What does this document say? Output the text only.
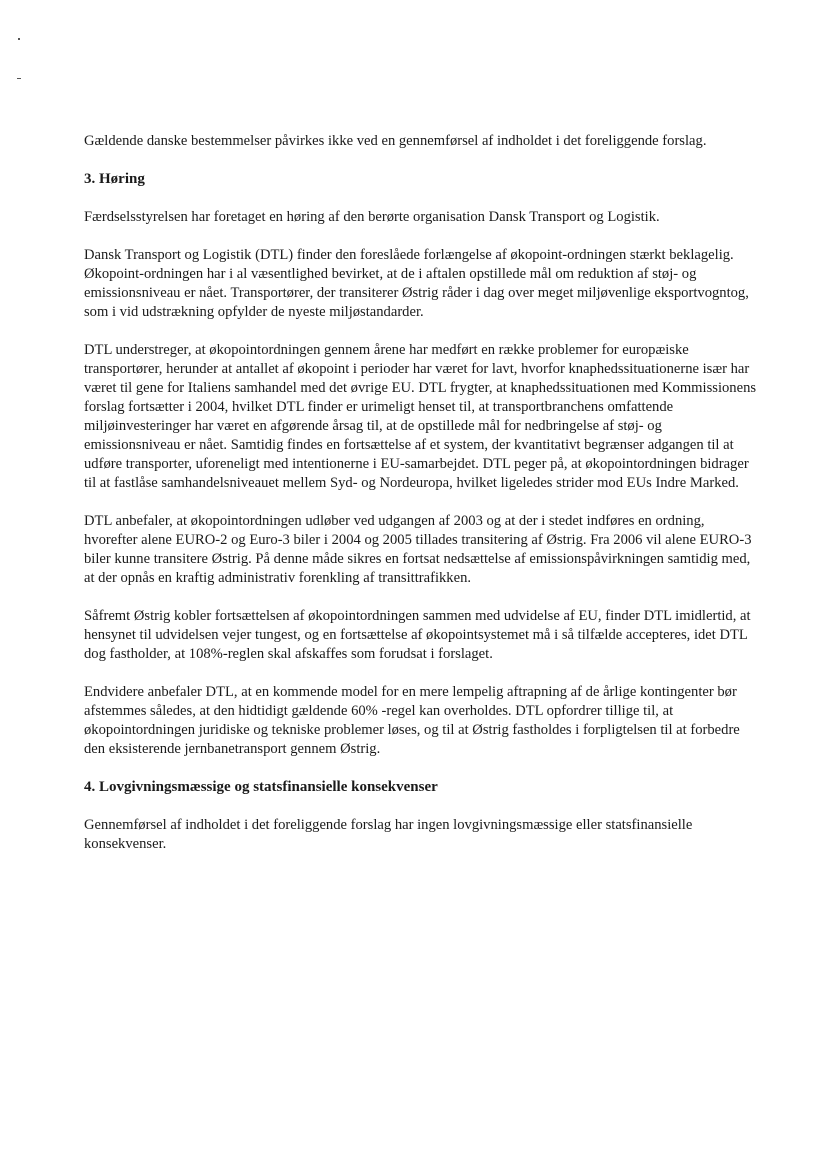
Gældende danske bestemmelser påvirkes ikke ved en gennemførsel af indholdet i det foreliggende forslag.

3. Høring

Færdselsstyrelsen har foretaget en høring af den berørte organisation Dansk Transport og Logistik.

Dansk Transport og Logistik (DTL) finder den foreslåede forlængelse af økopoint-ordningen stærkt beklagelig. Økopoint-ordningen har i al væsentlighed bevirket, at de i aftalen opstillede mål om reduktion af støj- og emissionsniveau er nået. Transportører, der transiterer Østrig råder i dag over meget miljøvenlige eksportvogntog, som i vid udstrækning opfylder de nyeste miljøstandarder.

DTL understreger, at økopointordningen gennem årene har medført en række problemer for europæiske transportører, herunder at antallet af økopoint i perioder har været for lavt, hvorfor knaphedssituationerne især har været til gene for Italiens samhandel med det øvrige EU. DTL frygter, at knaphedssituationen med Kommissionens forslag fortsætter i 2004, hvilket DTL finder er urimeligt henset til, at transportbranchens omfattende miljøinvesteringer har været en afgørende årsag til, at de opstillede mål for nedbringelse af støj- og emissionsniveau er nået. Samtidig findes en fortsættelse af et system, der kvantitativt begrænser adgangen til at udføre transporter, uforeneligt med intentionerne i EU-samarbejdet. DTL peger på, at økopointordningen bidrager til at fastlåse samhandelsniveauet mellem Syd- og Nordeuropa, hvilket ligeledes strider mod EUs Indre Marked.

DTL anbefaler, at økopointordningen udløber ved udgangen af 2003 og at der i stedet indføres en ordning, hvorefter alene EURO-2 og Euro-3 biler i 2004 og 2005 tillades transitering af Østrig. Fra 2006 vil alene EURO-3 biler kunne transitere Østrig. På denne måde sikres en fortsat nedsættelse af emissionspåvirkningen samtidig med, at der opnås en kraftig administrativ forenkling af transittrafikken.

Såfremt Østrig kobler fortsættelsen af økopointordningen sammen med udvidelse af EU, finder DTL imidlertid, at hensynet til udvidelsen vejer tungest, og en fortsættelse af økopointsystemet må i så tilfælde accepteres, idet DTL dog fastholder, at 108%-reglen skal afskaffes som forudsat i forslaget.

Endvidere anbefaler DTL, at en kommende model for en mere lempelig aftrapning af de årlige kontingenter bør afstemmes således, at den hidtidigt gældende 60% -regel kan overholdes. DTL opfordrer tillige til, at økopointordningen juridiske og tekniske problemer løses, og til at Østrig fastholdes i forpligtelsen til at forbedre den eksisterende jernbanetransport gennem Østrig.

4. Lovgivningsmæssige og statsfinansielle konsekvenser

Gennemførsel af indholdet i det foreliggende forslag har ingen lovgivningsmæssige eller statsfinansielle konsekvenser.
